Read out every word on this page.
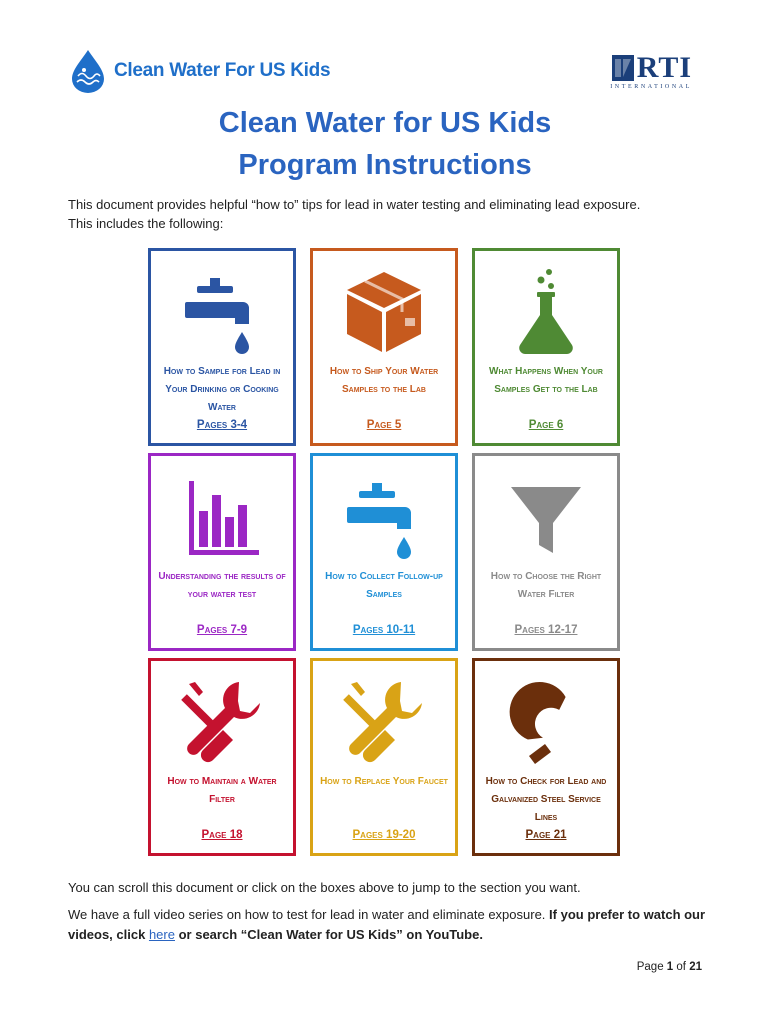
Clean Water For US Kids	RTI
INTERNATIONAL
Clean Water for US Kids
Program Instructions
This document provides helpful “how to” tips for lead in water testing and eliminating lead exposure.
This includes the following:
How to Sample for Lead in Your Drinking or Cooking Water
Pages 3-4
How to Ship Your Water Samples to the Lab
Page 5
What Happens When Your Samples Get to the Lab
Page 6
Understanding the results of your water test
Pages 7-9
How to Collect Follow-up Samples
Pages 10-11
How to Choose the Right Water Filter
Pages 12-17
How to Maintain a Water Filter
Page 18
How to Replace Your Faucet
Pages 19-20
How to Check for Lead and Galvanized Steel Service Lines
Page 21
You can scroll this document or click on the boxes above to jump to the section you want.
We have a full video series on how to test for lead in water and eliminate exposure. If you prefer to watch our videos, click here or search “Clean Water for US Kids” on YouTube.
Page 1 of 21
